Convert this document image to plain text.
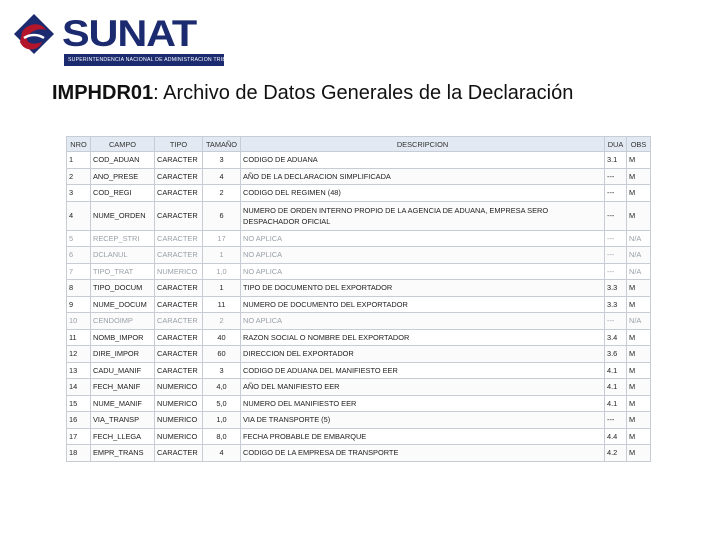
SUNAT
SUPERINTENDENCIA NACIONAL DE ADMINISTRACION TRIBUTARIA
IMPHDR01: Archivo de Datos Generales de la Declaración
NRO	CAMPO	TIPO	TAMAÑO	DESCRIPCION	DUA	OBS
1	COD_ADUAN	CARACTER	3	CODIGO DE ADUANA	3.1	M
2	ANO_PRESE	CARACTER	4	AÑO DE LA DECLARACION SIMPLIFICADA	---	M
3	COD_REGI	CARACTER	2	CODIGO DEL REGIMEN (48)	---	M
4	NUME_ORDEN	CARACTER	6	NUMERO DE ORDEN INTERNO PROPIO DE LA AGENCIA DE ADUANA, EMPRESA SERO DESPACHADOR OFICIAL	---	M
5	RECEP_STRI	CARACTER	17	NO APLICA	---	N/A
6	DCLANUL	CARACTER	1	NO APLICA	---	N/A
7	TIPO_TRAT	NUMERICO	1,0	NO APLICA	---	N/A
8	TIPO_DOCUM	CARACTER	1	TIPO DE DOCUMENTO DEL EXPORTADOR	3.3	M
9	NUME_DOCUM	CARACTER	11	NUMERO DE DOCUMENTO DEL EXPORTADOR	3.3	M
10	CENDOIMP	CARACTER	2	NO APLICA	---	N/A
11	NOMB_IMPOR	CARACTER	40	RAZON SOCIAL O NOMBRE DEL EXPORTADOR	3.4	M
12	DIRE_IMPOR	CARACTER	60	DIRECCION DEL EXPORTADOR	3.6	M
13	CADU_MANIF	CARACTER	3	CODIGO DE ADUANA DEL MANIFIESTO EER	4.1	M
14	FECH_MANIF	NUMERICO	4,0	AÑO DEL MANIFIESTO EER	4.1	M
15	NUME_MANIF	NUMERICO	5,0	NUMERO DEL MANIFIESTO EER	4.1	M
16	VIA_TRANSP	NUMERICO	1,0	VIA DE TRANSPORTE (5)	---	M
17	FECH_LLEGA	NUMERICO	8,0	FECHA PROBABLE DE EMBARQUE	4.4	M
18	EMPR_TRANS	CARACTER	4	CODIGO DE LA EMPRESA DE TRANSPORTE	4.2	M
